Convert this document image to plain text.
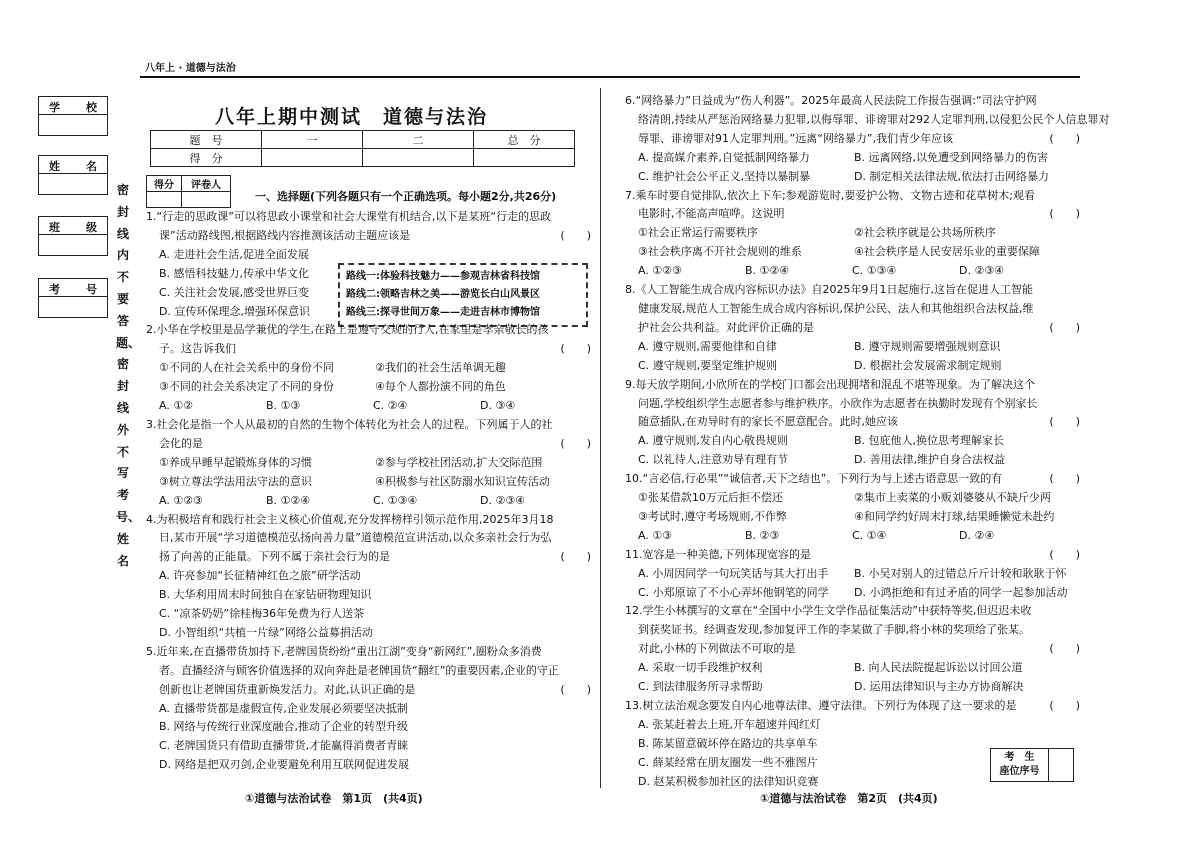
八年上 · 道德与法治
学 校
姓 名
班 级
考 号
密封线内不要答题、密封线外不写考号、姓名
八年上期中测试　道德与法治
题　号	一	二	总　分
得　分			
得分	评卷人

一、选择题(下列各题只有一个正确选项。每小题2分,共26分)
路线一:体验科技魅力——参观吉林省科技馆
路线二:领略吉林之美——游览长白山风景区
路线三:探寻世间万象——走进吉林市博物馆

1.“行走的思政课”可以将思政小课堂和社会大课堂有机结合,以下是某班“行走的思政

课”活动路线图,根据路线内容推测该活动主题应该是	(　　)

A. 走进社会生活,促进全面发展

B. 感悟科技魅力,传承中华文化

C. 关注社会发展,感受世界巨变

D. 宣传环保理念,增强环保意识

2.小华在学校里是品学兼优的学生,在路上是遵守交规的行人,在家里是孝亲敬长的孩

子。这告诉我们	(　　)
①不同的人在社会关系中的身份不同	②我们的社会生活单调无趣
③不同的社会关系决定了不同的身份	④每个人都扮演不同的角色
A. ①②	B. ①③	C. ②④	D. ③④

3.社会化是指一个人从最初的自然的生物个体转化为社会人的过程。下列属于人的社

会化的是	(　　)
①养成早睡早起锻炼身体的习惯	②参与学校社团活动,扩大交际范围
③树立尊法学法用法守法的意识	④积极参与社区防溺水知识宣传活动
A. ①②③	B. ①②④	C. ①③④	D. ②③④

4.为积极培育和践行社会主义核心价值观,充分发挥榜样引领示范作用,2025年3月18

日,某市开展“学习道德模范弘扬向善力量”道德模范宣讲活动,以众多亲社会行为弘

扬了向善的正能量。下列不属于亲社会行为的是	(　　)

A. 许亮参加“长征精神红色之旅”研学活动

B. 大华利用周末时间独自在家钻研物理知识

C. “凉茶奶奶”徐桂梅36年免费为行人送茶

D. 小智组织“共植一片绿”网络公益募捐活动

5.近年来,在直播带货加持下,老牌国货纷纷“重出江湖”变身“新网红”,圈粉众多消费

者。直播经济与顾客价值选择的双向奔赴是老牌国货“翻红”的重要因素,企业的守正

创新也让老牌国货重新焕发活力。对此,认识正确的是	(　　)

A. 直播带货都是虚假宣传,企业发展必须要坚决抵制

B. 网络与传统行业深度融合,推动了企业的转型升级

C. 老牌国货只有借助直播带货,才能赢得消费者青睐

D. 网络是把双刃剑,企业要避免利用互联网促进发展

6.“网络暴力”日益成为“伤人利器”。2025年最高人民法院工作报告强调:“司法守护网

络清朗,持续从严惩治网络暴力犯罪,以侮辱罪、诽谤罪对292人定罪判刑,以侵犯公民个人信息罪对

辱罪、诽谤罪对91人定罪判刑。”远离“网络暴力”,我们青少年应该	(　　)
A. 提高媒介素养,自觉抵制网络暴力	B. 远离网络,以免遭受到网络暴力的伤害
C. 维护社会公平正义,坚持以暴制暴	D. 制定相关法律法规,依法打击网络暴力

7.乘车时要自觉排队,依次上下车;参观游览时,要爱护公物、文物古迹和花草树木;观看

电影时,不能高声喧哗。这说明	(　　)
①社会正常运行需要秩序	②社会秩序就是公共场所秩序
③社会秩序离不开社会规则的维系	④社会秩序是人民安居乐业的重要保障
A. ①②③	B. ①②④	C. ①③④	D. ②③④

8.《人工智能生成合成内容标识办法》自2025年9月1日起施行,这旨在促进人工智能

健康发展,规范人工智能生成合成内容标识,保护公民、法人和其他组织合法权益,维

护社会公共利益。对此评价正确的是	(　　)
A. 遵守规则,需要他律和自律	B. 遵守规则需要增强规则意识
C. 遵守规则,要坚定维护规则	D. 根据社会发展需求制定规则

9.每天放学期间,小欣所在的学校门口都会出现拥堵和混乱不堪等现象。为了解决这个

问题,学校组织学生志愿者参与维护秩序。小欣作为志愿者在执勤时发现有个别家长

随意插队,在劝导时有的家长不愿意配合。此时,她应该	(　　)
A. 遵守规则,发自内心敬畏规则	B. 包庇他人,换位思考理解家长
C. 以礼待人,注意劝导有理有节	D. 善用法律,维护自身合法权益

10.“言必信,行必果”“诚信者,天下之结也”。下列行为与上述古语意思一致的有	(　　)
①张某借款10万元后拒不偿还	②集市上卖菜的小贩刘婆婆从不缺斤少两
③考试时,遵守考场规则,不作弊	④和同学约好周末打球,结果睡懒觉未赴约
A. ①③	B. ②③	C. ①④	D. ②④

11.宽容是一种美德,下列体现宽容的是	(　　)
A. 小周因同学一句玩笑话与其大打出手	B. 小吴对别人的过错总斤斤计较和耿耿于怀
C. 小郑原谅了不小心弄坏他钢笔的同学	D. 小鸿拒绝和有过矛盾的同学一起参加活动

12.学生小林撰写的文章在“全国中小学生文学作品征集活动”中获特等奖,但迟迟未收

到获奖证书。经调查发现,参加复评工作的李某做了手脚,将小林的奖项给了张某。

对此,小林的下列做法不可取的是	(　　)
A. 采取一切手段维护权利	B. 向人民法院提起诉讼以讨回公道
C. 到法律服务所寻求帮助	D. 运用法律知识与主办方协商解决

13.树立法治观念要发自内心地尊法律、遵守法律。下列行为体现了这一要求的是	(　　)

A. 张某赶着去上班,开车超速并闯红灯

B. 陈某留意破坏停在路边的共享单车

C. 薛某经常在朋友圈发一些不雅图片

D. 赵某积极参加社区的法律知识竞赛

考　生
座位序号
①道德与法治试卷　第1页　(共4页)	①道德与法治试卷　第2页　(共4页)
